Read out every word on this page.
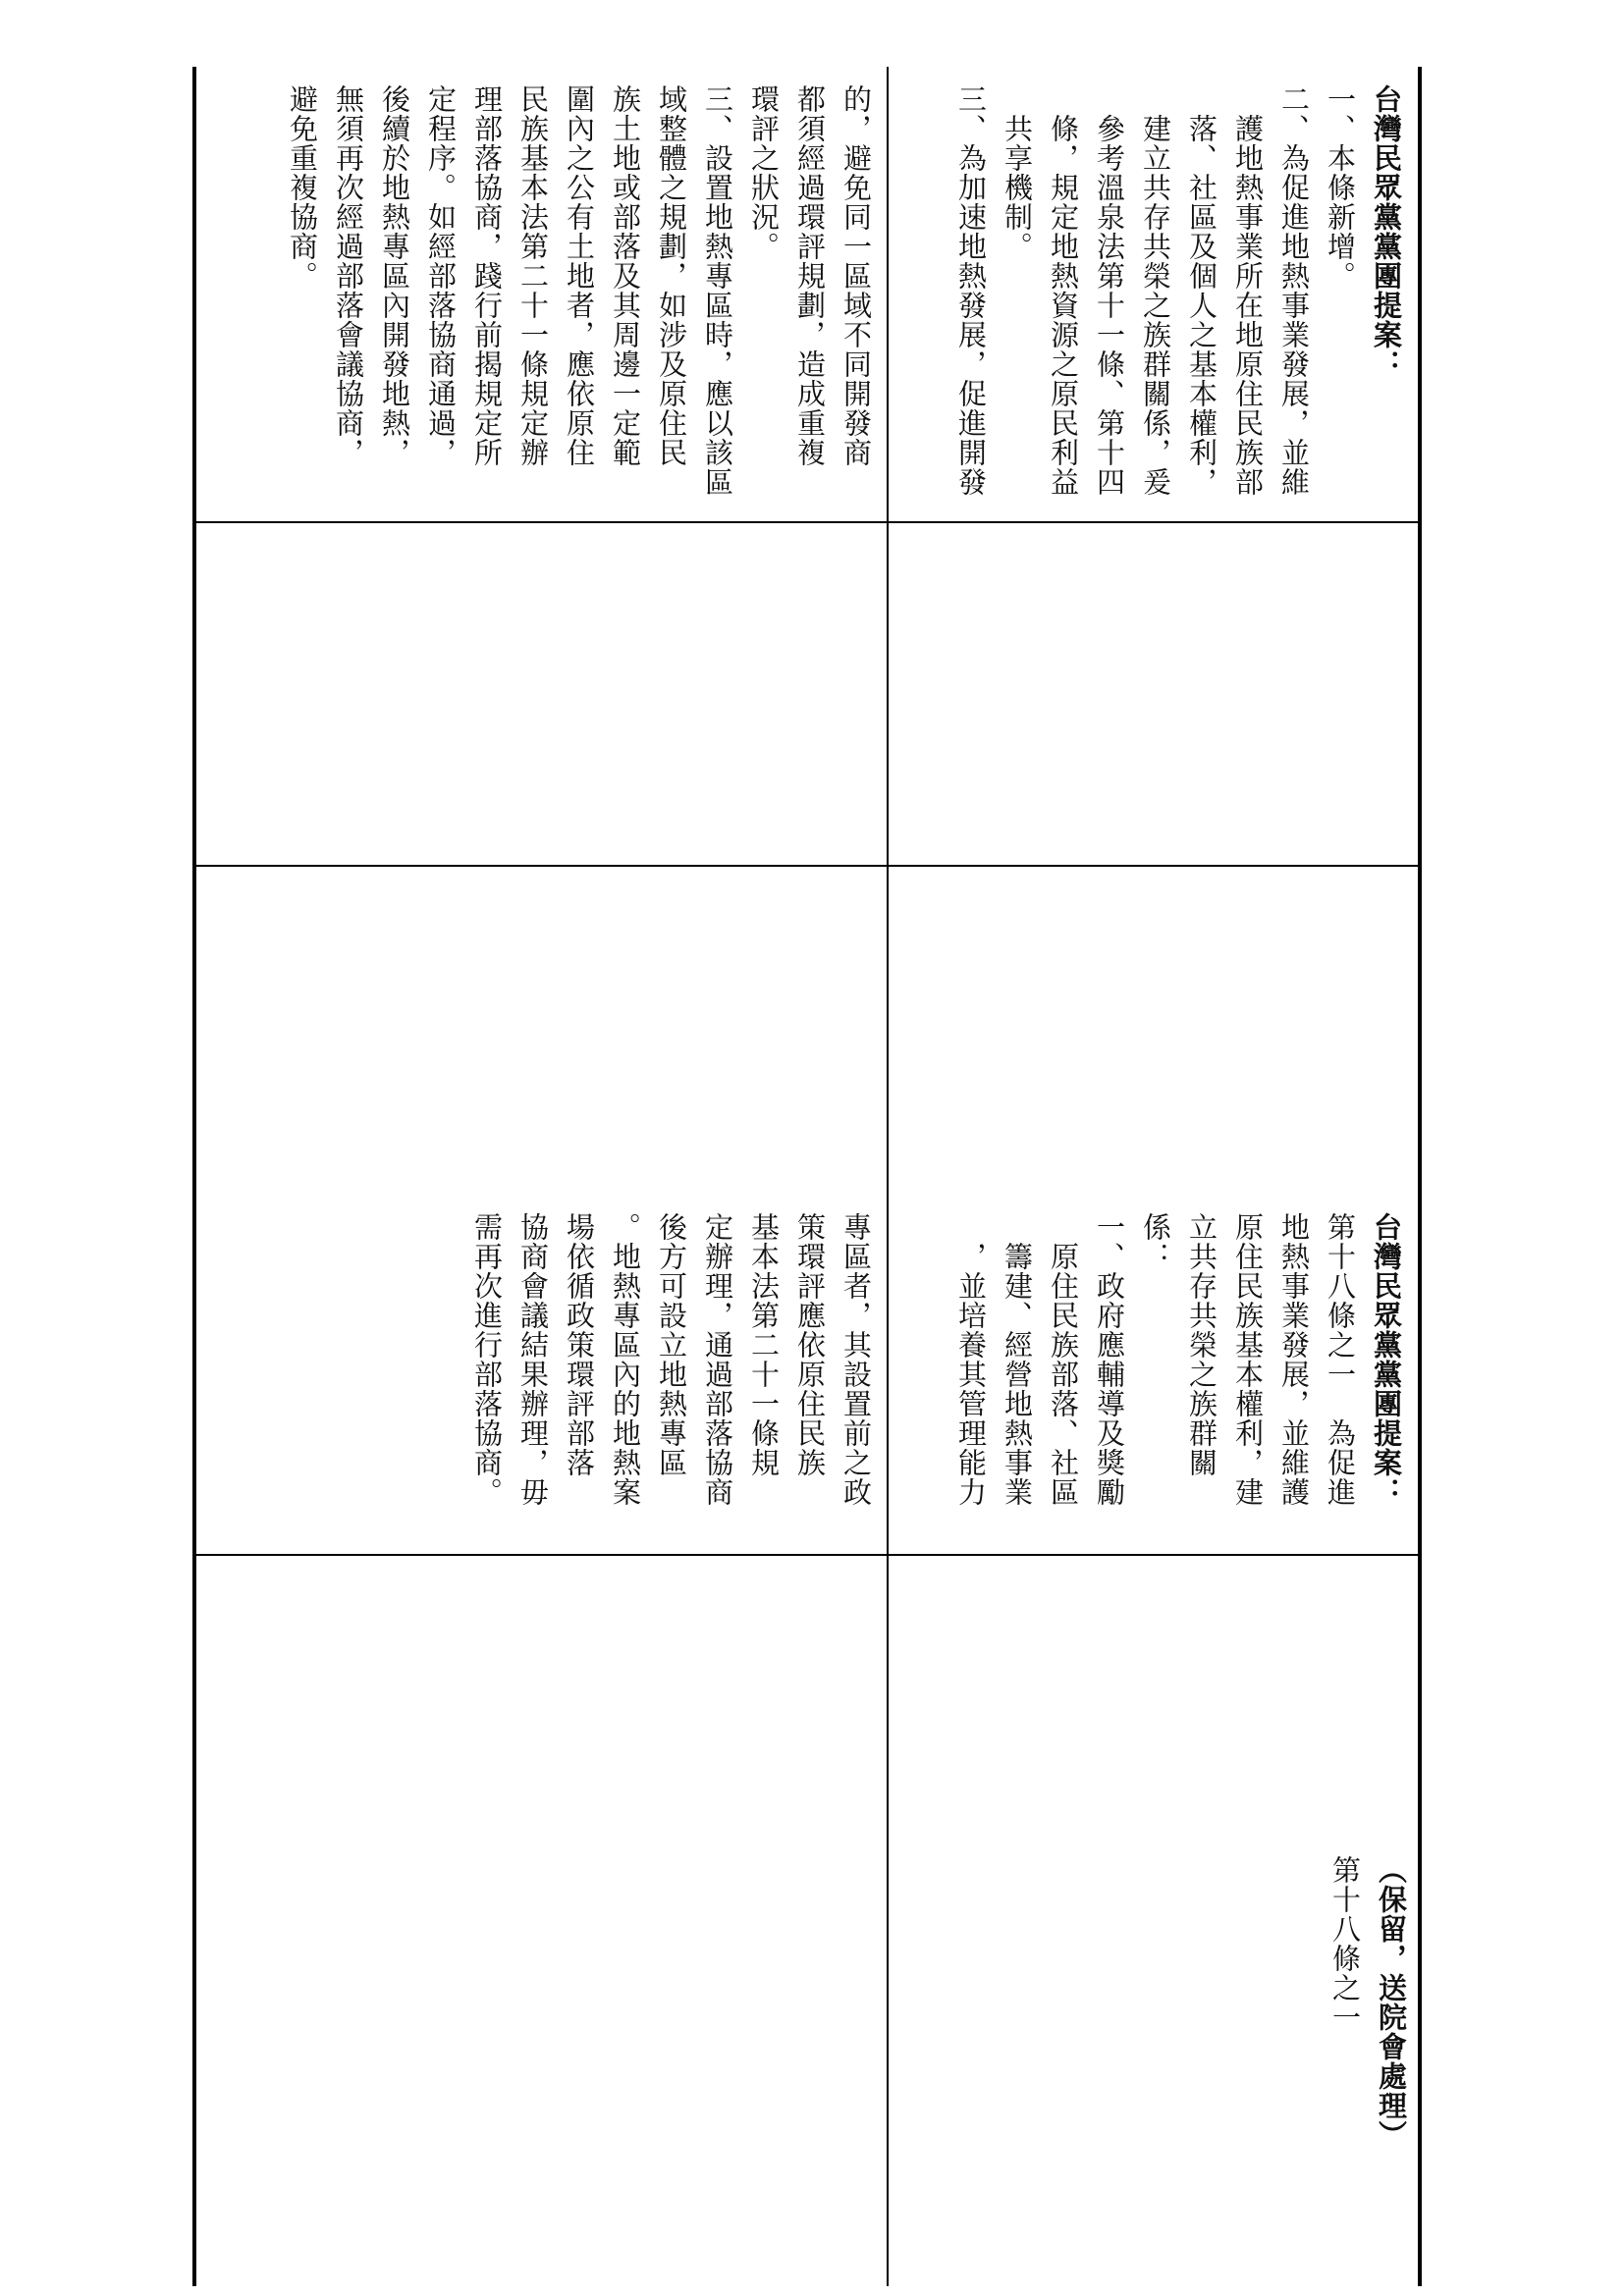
的，避免同一區域不同開發商
都須經過環評規劃，造成重複
環評之狀況。
三、設置地熱專區時，應以該區
域整體之規劃，如涉及原住民
族土地或部落及其周邊一定範
圍內之公有土地者，應依原住
民族基本法第二十一條規定辦
理部落協商，踐行前揭規定所
定程序。如經部落協商通過，
後續於地熱專區內開發地熱，
無須再次經過部落會議協商，
避免重複協商。
專區者，其設置前之政
策環評應依原住民族
基本法第二十一條規
定辦理，通過部落協商
後方可設立地熱專區
。地熱專區內的地熱案
場依循政策環評部落
協商會議結果辦理，毋
需再次進行部落協商。
（保留，送院會處理）
第十八條之一
台灣民眾黨黨團提案：
第十八條之一　為促進
地熱事業發展，並維護
原住民族基本權利，建
立共存共榮之族群關
係：
一、政府應輔導及獎勵
　原住民族部落、社區
　籌建、經營地熱事業
　，並培養其管理能力
台灣民眾黨黨團提案：
一、本條新增。
二、為促進地熱事業發展，並維
　護地熱事業所在地原住民族部
　落、社區及個人之基本權利，
　建立共存共榮之族群關係，爰
　參考溫泉法第十一條、第十四
　條，規定地熱資源之原民利益
　共享機制。
三、為加速地熱發展，促進開發
